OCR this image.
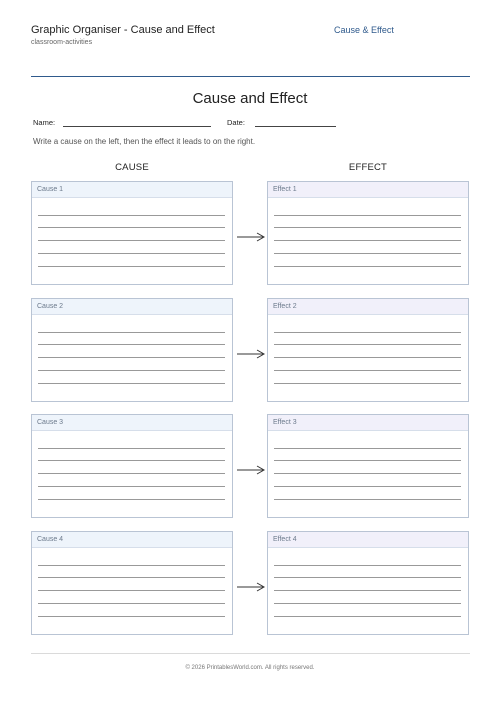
Graphic Organiser - Cause and Effect
classroom-activities
Cause & Effect
Cause and Effect
Name:	Date:
Write a cause on the left, then the effect it leads to on the right.
CAUSE	EFFECT
Cause 1	Effect 1
Cause 2	Effect 2
Cause 3	Effect 3
Cause 4	Effect 4
© 2026 PrintablesWorld.com. All rights reserved.
